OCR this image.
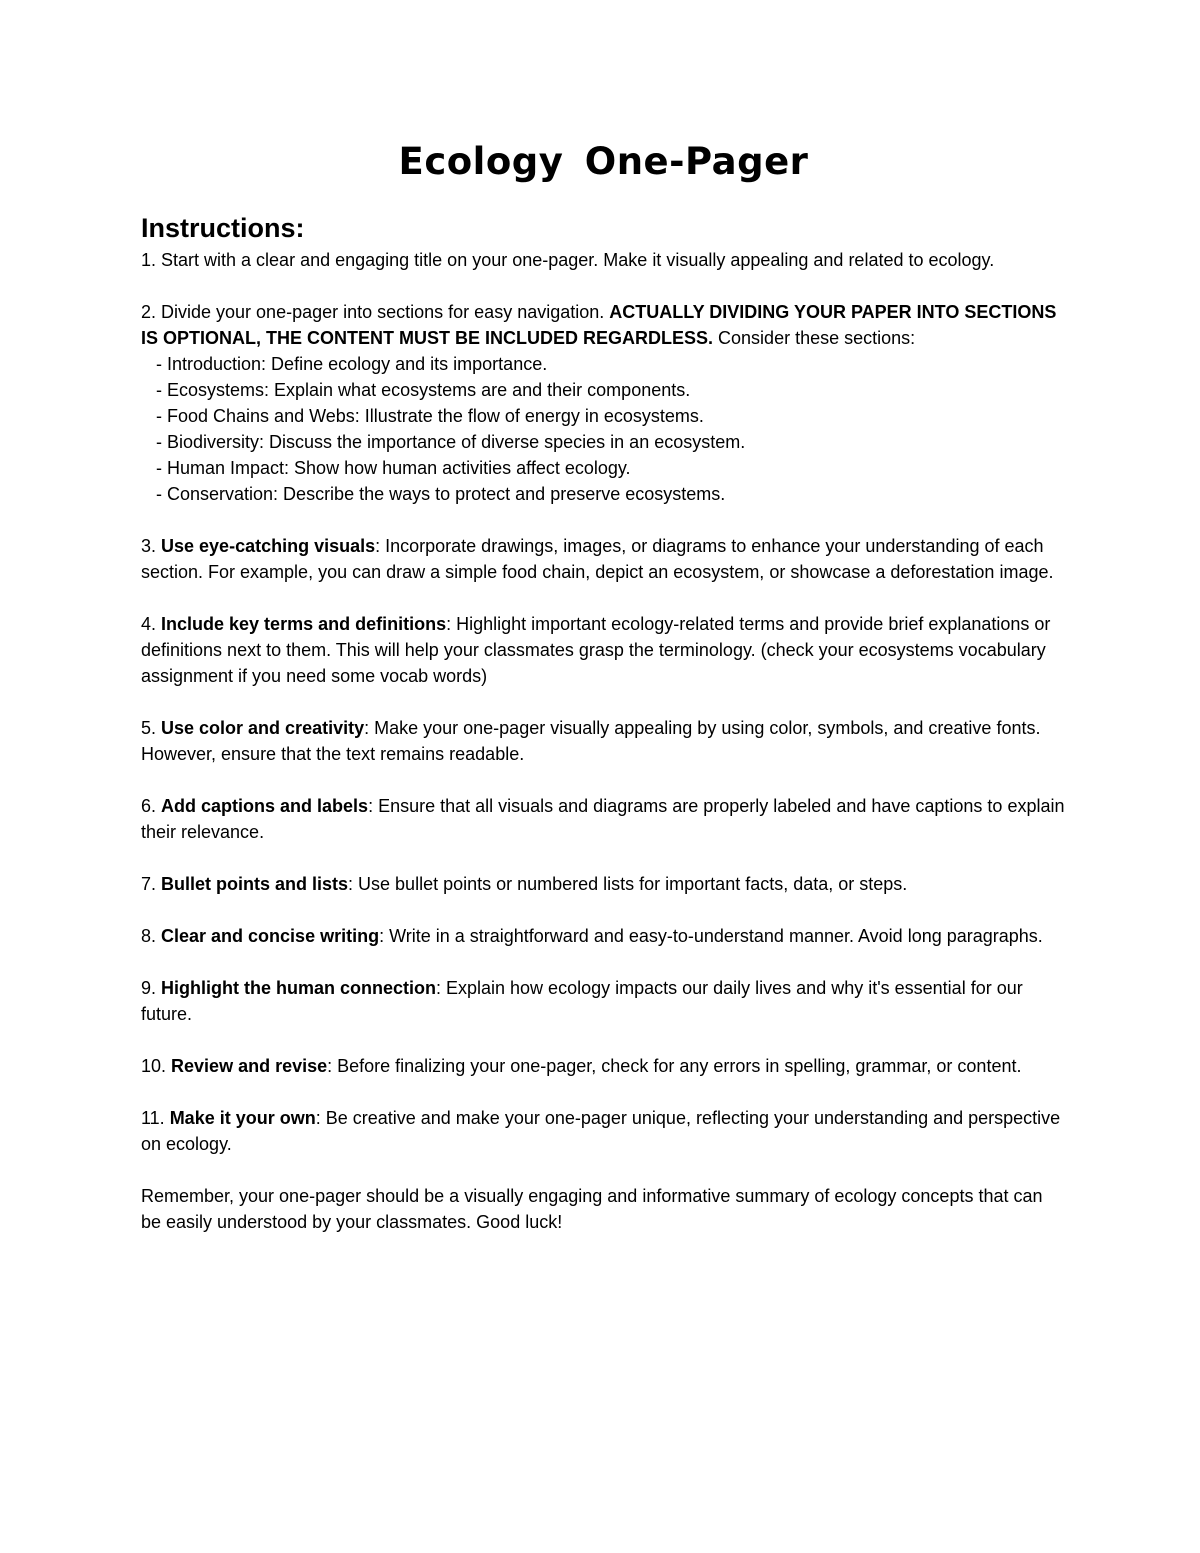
Ecology One-Pager
Instructions:

1. Start with a clear and engaging title on your one-pager. Make it visually appealing and related to ecology.

2. Divide your one-pager into sections for easy navigation. ACTUALLY DIVIDING YOUR PAPER INTO SECTIONS IS OPTIONAL, THE CONTENT MUST BE INCLUDED REGARDLESS. Consider these sections:
- Introduction: Define ecology and its importance.
- Ecosystems: Explain what ecosystems are and their components.
- Food Chains and Webs: Illustrate the flow of energy in ecosystems.
- Biodiversity: Discuss the importance of diverse species in an ecosystem.
- Human Impact: Show how human activities affect ecology.
- Conservation: Describe the ways to protect and preserve ecosystems.

3. Use eye-catching visuals: Incorporate drawings, images, or diagrams to enhance your understanding of each section. For example, you can draw a simple food chain, depict an ecosystem, or showcase a deforestation image.

4. Include key terms and definitions: Highlight important ecology-related terms and provide brief explanations or definitions next to them. This will help your classmates grasp the terminology. (check your ecosystems vocabulary assignment if you need some vocab words)

5. Use color and creativity: Make your one-pager visually appealing by using color, symbols, and creative fonts. However, ensure that the text remains readable.

6. Add captions and labels: Ensure that all visuals and diagrams are properly labeled and have captions to explain their relevance.

7. Bullet points and lists: Use bullet points or numbered lists for important facts, data, or steps.

8. Clear and concise writing: Write in a straightforward and easy-to-understand manner. Avoid long paragraphs.

9. Highlight the human connection: Explain how ecology impacts our daily lives and why it's essential for our future.

10. Review and revise: Before finalizing your one-pager, check for any errors in spelling, grammar, or content.

11. Make it your own: Be creative and make your one-pager unique, reflecting your understanding and perspective on ecology.

Remember, your one-pager should be a visually engaging and informative summary of ecology concepts that can be easily understood by your classmates. Good luck!
